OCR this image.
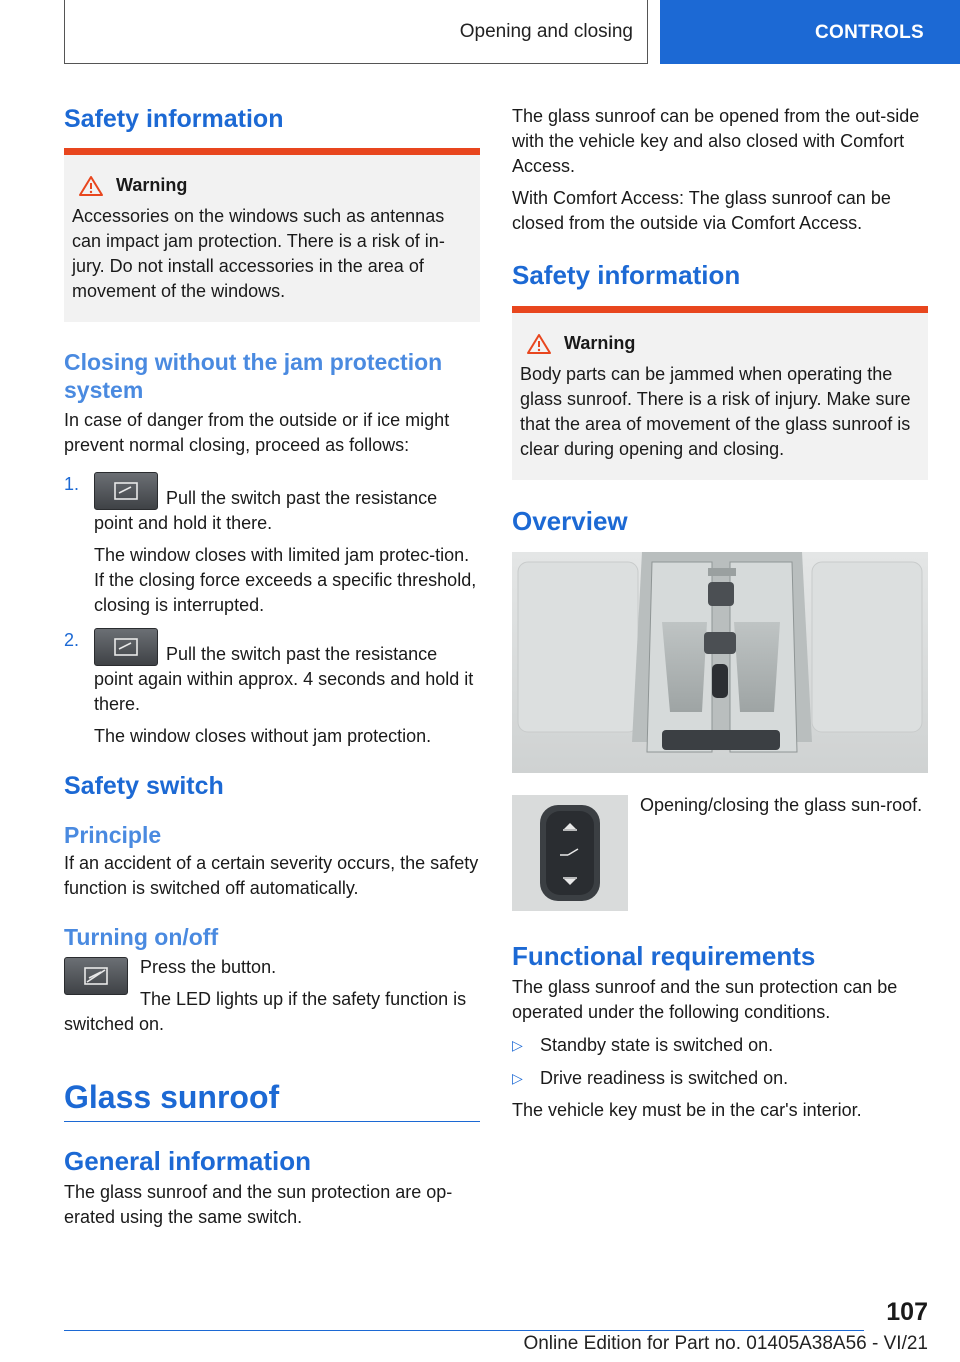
Opening and closing	CONTROLS
Safety information
Warning

Accessories on the windows such as antennas can impact jam protection. There is a risk of in-jury. Do not install accessories in the area of movement of the windows.

Closing without the jam protection system

In case of danger from the outside or if ice might prevent normal closing, proceed as follows:

1.

Pull the switch past the resistance point and hold it there.

The window closes with limited jam protec-tion. If the closing force exceeds a specific threshold, closing is interrupted.

2.

Pull the switch past the resistance point again within approx. 4 seconds and hold it there.

The window closes without jam protection.

Safety switch
Principle

If an accident of a certain severity occurs, the safety function is switched off automatically.

Turning on/off

Press the button.

The LED lights up if the safety function is switched on.

Glass sunroof
General information

The glass sunroof and the sun protection are op-erated using the same switch.

The glass sunroof can be opened from the out-side with the vehicle key and also closed with Comfort Access.

With Comfort Access: The glass sunroof can be closed from the outside via Comfort Access.

Safety information
Warning

Body parts can be jammed when operating the glass sunroof. There is a risk of injury. Make sure that the area of movement of the glass sunroof is clear during opening and closing.

Overview

Opening/closing the glass sun-roof.

Functional requirements

The glass sunroof and the sun protection can be operated under the following conditions.

▷ Standby state is switched on.
▷ Drive readiness is switched on.

The vehicle key must be in the car's interior.

107
Online Edition for Part no. 01405A38A56 - VI/21
